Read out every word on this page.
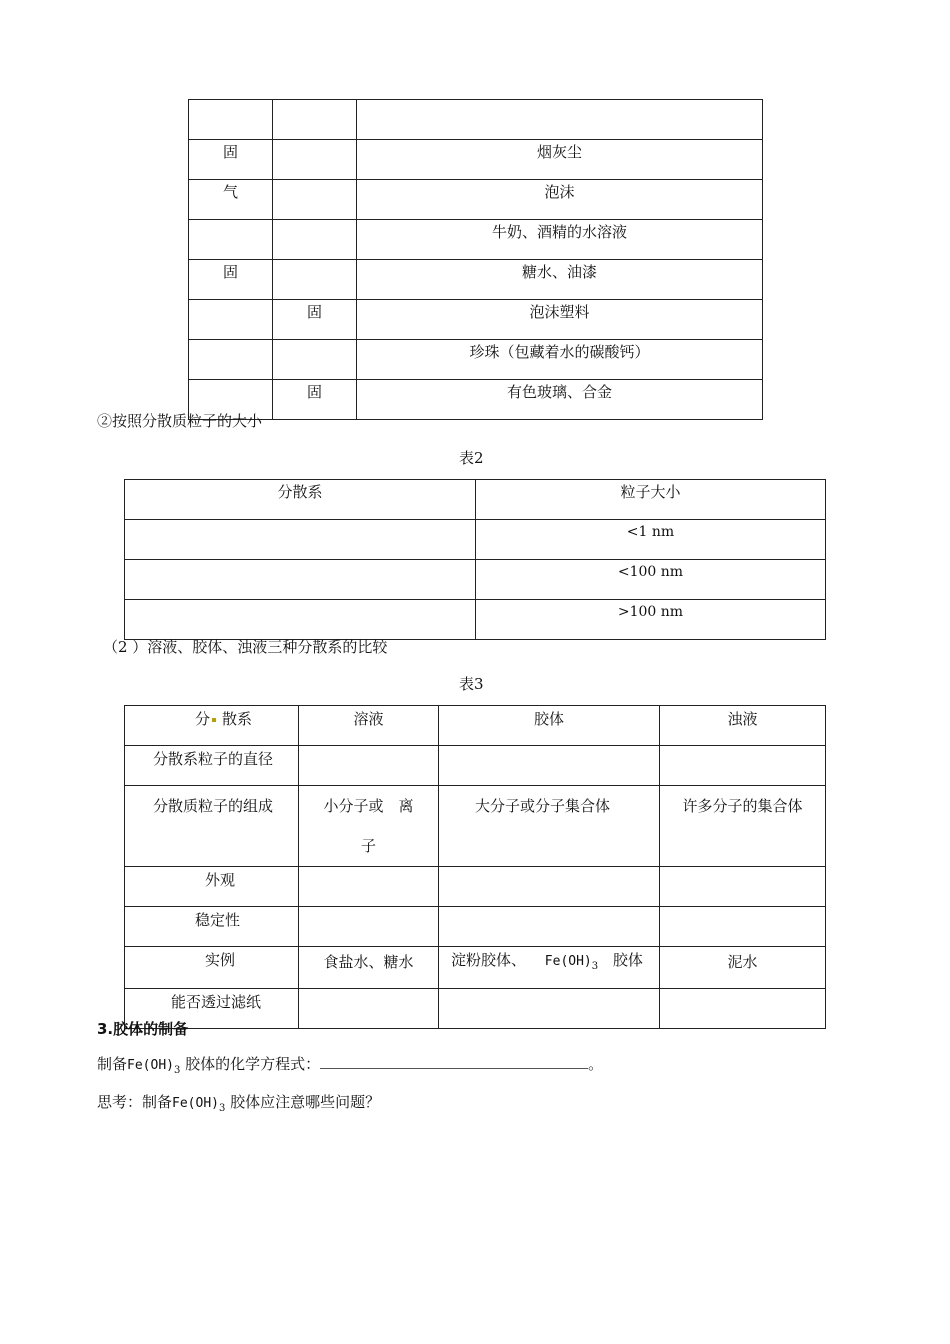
固		烟灰尘
气		泡沫
		牛奶、酒精的水溶液
固		糖水、油漆
	固	泡沫塑料
		珍珠（包藏着水的碳酸钙）
	固	有色玻璃、合金
②按照分散质粒子的大小
表2
分散系	粒子大小
	<1 nm
	<100 nm
	>100 nm
（2 ）溶液、胶体、浊液三种分散系的比较
表3
分 散系	溶液	胶体	浊液
分散系粒子的直径			
分散质粒子的组成	小分子或　离子	大分子或分子集合体	许多分子的集合体
外观			
稳定性			
实例	食盐水、糖水	淀粉胶体、 $Fe(OH)_3$ 胶体	泥水
能否透过滤纸			
3.胶体的制备
制备$Fe(OH)_3$ 胶体的化学方程式：	。
思考：制备$Fe(OH)_3$ 胶体应注意哪些问题？
